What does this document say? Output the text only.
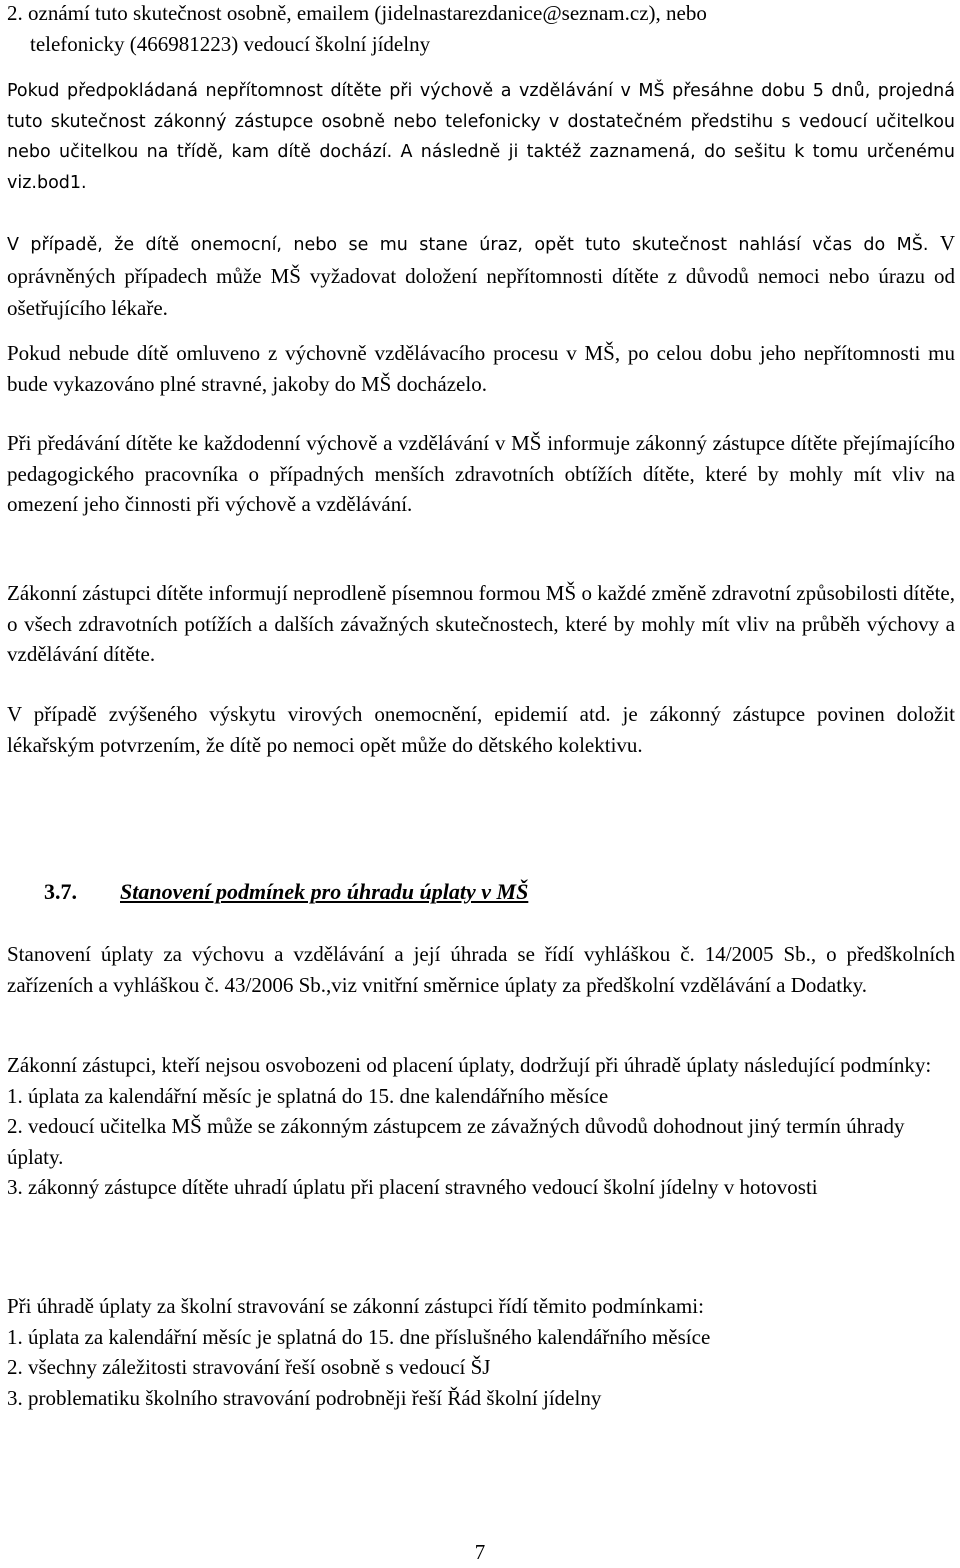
2. oznámí tuto skutečnost osobně, emailem (jidelnastarezdanice@seznam.cz), nebo
telefonicky (466981223) vedoucí školní jídelny

Pokud předpokládaná nepřítomnost dítěte při výchově a vzdělávání v MŠ přesáhne dobu 5 dnů, projedná tuto skutečnost zákonný zástupce osobně nebo telefonicky v dostatečném předstihu s vedoucí učitelkou nebo učitelkou na třídě, kam dítě dochází. A následně ji taktéž zaznamená, do sešitu k tomu určenému viz.bod1.

V případě, že dítě onemocní, nebo se mu stane úraz, opět tuto skutečnost nahlásí včas do MŠ. V oprávněných případech může MŠ vyžadovat doložení nepřítomnosti dítěte z důvodů nemoci nebo úrazu od ošetřujícího lékaře.

Pokud nebude dítě omluveno z výchovně vzdělávacího procesu v MŠ, po celou dobu jeho nepřítomnosti mu bude vykazováno plné stravné, jakoby do MŠ docházelo.

Při předávání dítěte ke každodenní výchově a vzdělávání v MŠ informuje zákonný zástupce dítěte přejímajícího pedagogického pracovníka o případných menších zdravotních obtížích dítěte, které by mohly mít vliv na omezení jeho činnosti při výchově a vzdělávání.

Zákonní zástupci dítěte informují neprodleně písemnou formou MŠ o každé změně zdravotní způsobilosti dítěte, o všech zdravotních potížích a dalších závažných skutečnostech, které by mohly mít vliv na průběh výchovy a vzdělávání dítěte.

V případě zvýšeného výskytu virových onemocnění, epidemií atd. je zákonný zástupce povinen doložit lékařským potvrzením, že dítě po nemoci opět může do dětského kolektivu.

3.7. Stanovení podmínek pro úhradu úplaty v MŠ

Stanovení úplaty za výchovu a vzdělávání a její úhrada se řídí vyhláškou č. 14/2005 Sb., o předškolních zařízeních a vyhláškou č. 43/2006 Sb.,viz vnitřní směrnice úplaty za předškolní vzdělávání a Dodatky.

Zákonní zástupci, kteří nejsou osvobozeni od placení úplaty, dodržují při úhradě úplaty následující podmínky:
1. úplata za kalendářní měsíc je splatná do 15. dne kalendářního měsíce
2. vedoucí učitelka MŠ může se zákonným zástupcem ze závažných důvodů dohodnout jiný termín úhrady úplaty.
3. zákonný zástupce dítěte uhradí úplatu při placení stravného vedoucí školní jídelny v hotovosti
Při úhradě úplaty za školní stravování se zákonní zástupci řídí těmito podmínkami:
1. úplata za kalendářní měsíc je splatná do 15. dne příslušného kalendářního měsíce
2. všechny záležitosti stravování řeší osobně s vedoucí ŠJ
3. problematiku školního stravování podrobněji řeší Řád školní jídelny
7
